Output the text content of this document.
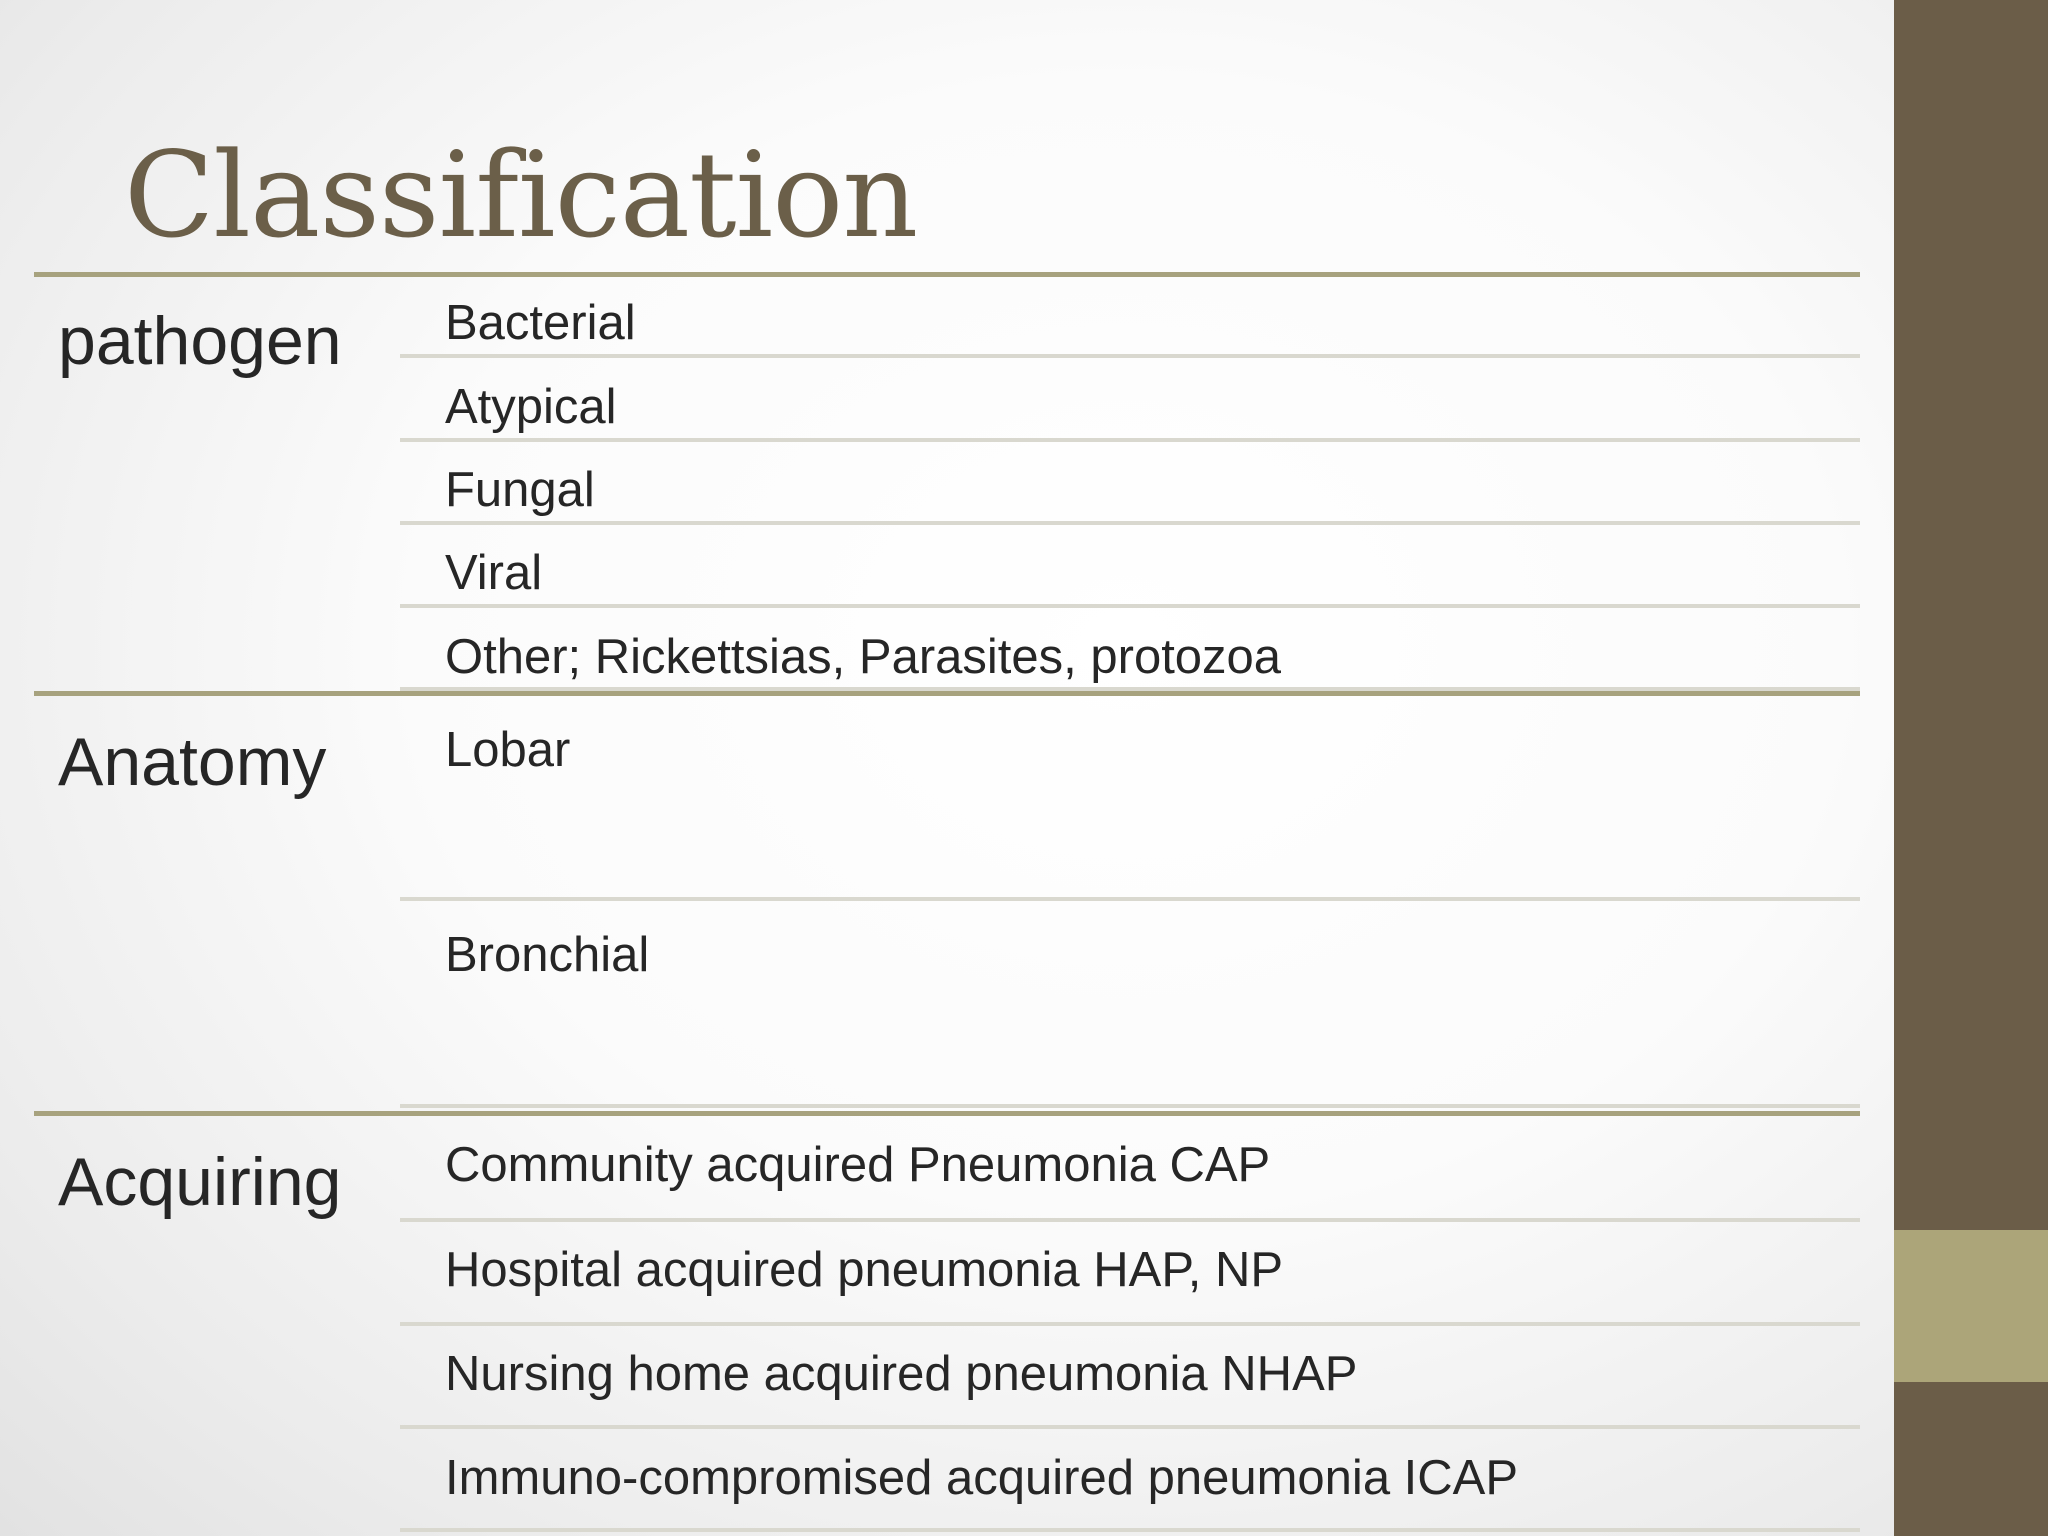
Classification

pathogen Bacterial

Atypical

Fungal

Viral

Other; Rickettsias, Parasites, protozoa

Anatomy Lobar

Bronchial

Acquiring Community acquired Pneumonia CAP

Hospital acquired pneumonia HAP, NP

Nursing home acquired pneumonia NHAP

Immuno-compromised acquired pneumonia ICAP
